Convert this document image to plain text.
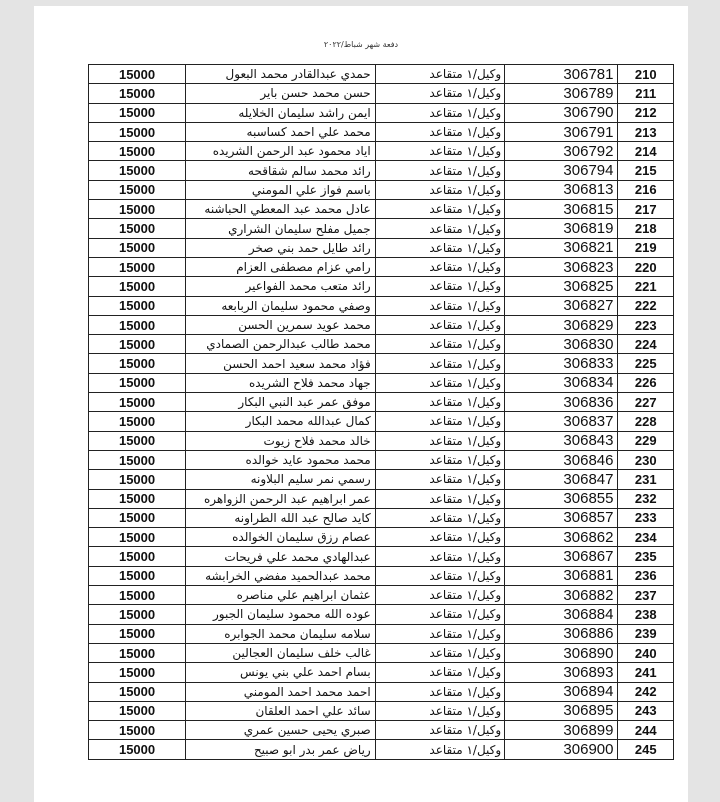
دفعة شهر شباط/٢٠٢٢
15000	حمدي عبدالقادر محمد البعول	وكيل/١ متقاعد	306781	210
15000	حسن محمد حسن باير	وكيل/١ متقاعد	306789	211
15000	ايمن راشد سليمان الخلايله	وكيل/١ متقاعد	306790	212
15000	محمد علي احمد كساسبه	وكيل/١ متقاعد	306791	213
15000	اياد محمود عبد الرحمن الشريده	وكيل/١ متقاعد	306792	214
15000	رائد محمد سالم شقاقحه	وكيل/١ متقاعد	306794	215
15000	باسم فواز علي المومني	وكيل/١ متقاعد	306813	216
15000	عادل محمد عبد المعطي الحباشنه	وكيل/١ متقاعد	306815	217
15000	جميل مفلح سليمان الشراري	وكيل/١ متقاعد	306819	218
15000	رائد طايل حمد بني صخر	وكيل/١ متقاعد	306821	219
15000	رامي عزام مصطفى العزام	وكيل/١ متقاعد	306823	220
15000	رائد متعب محمد الفواعير	وكيل/١ متقاعد	306825	221
15000	وصفي محمود سليمان الربابعه	وكيل/١ متقاعد	306827	222
15000	محمد عويد سمرين الحسن	وكيل/١ متقاعد	306829	223
15000	محمد طالب عبدالرحمن الصمادي	وكيل/١ متقاعد	306830	224
15000	فؤاد محمد سعيد احمد الحسن	وكيل/١ متقاعد	306833	225
15000	جهاد محمد فلاح الشريده	وكيل/١ متقاعد	306834	226
15000	موفق عمر عبد النبي البكار	وكيل/١ متقاعد	306836	227
15000	كمال عبدالله محمد البكار	وكيل/١ متقاعد	306837	228
15000	خالد محمد فلاح زيوت	وكيل/١ متقاعد	306843	229
15000	محمد محمود عايد خوالده	وكيل/١ متقاعد	306846	230
15000	رسمي نمر سليم البلاونه	وكيل/١ متقاعد	306847	231
15000	عمر ابراهيم عبد الرحمن الزواهره	وكيل/١ متقاعد	306855	232
15000	كايد صالح عبد الله الطراونه	وكيل/١ متقاعد	306857	233
15000	عصام رزق سليمان الخوالده	وكيل/١ متقاعد	306862	234
15000	عبدالهادي محمد علي فريحات	وكيل/١ متقاعد	306867	235
15000	محمد عبدالحميد مفضي الخرابشه	وكيل/١ متقاعد	306881	236
15000	عثمان ابراهيم علي مناصره	وكيل/١ متقاعد	306882	237
15000	عوده الله محمود سليمان الجبور	وكيل/١ متقاعد	306884	238
15000	سلامه سليمان محمد الجوابره	وكيل/١ متقاعد	306886	239
15000	غالب خلف سليمان العجالين	وكيل/١ متقاعد	306890	240
15000	بسام احمد علي بني يونس	وكيل/١ متقاعد	306893	241
15000	احمد محمد احمد المومني	وكيل/١ متقاعد	306894	242
15000	سائد علي احمد العلقان	وكيل/١ متقاعد	306895	243
15000	صبري يحيى حسين عمري	وكيل/١ متقاعد	306899	244
15000	رياض عمر بدر ابو صبيح	وكيل/١ متقاعد	306900	245
